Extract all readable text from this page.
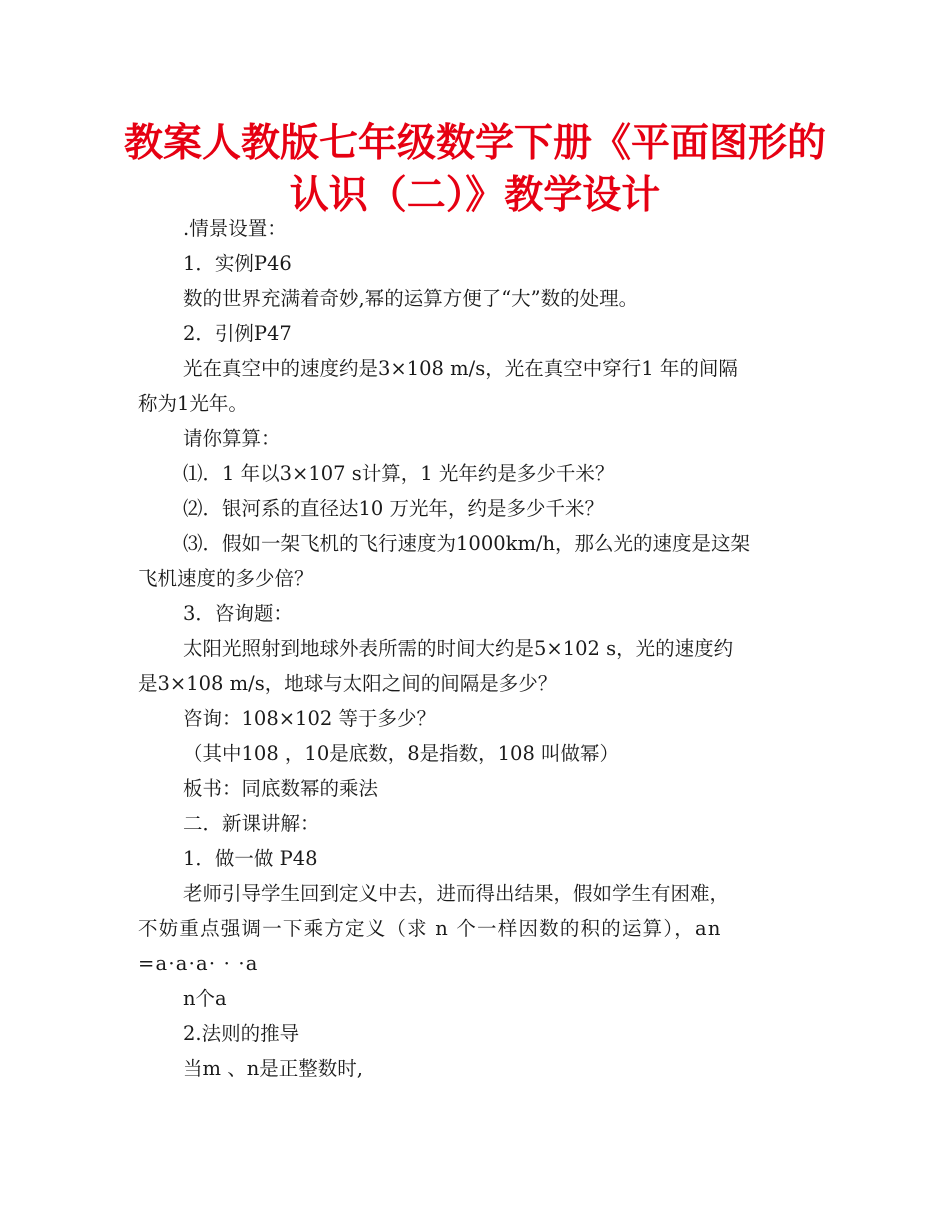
教案人教版七年级数学下册《平面图形的
认识（二）》教学设计

.情景设置：

1．实例P46

数的世界充满着奇妙,幂的运算方便了“大”数的处理。

2．引例P47

光在真空中的速度约是3×108 m/s，光在真空中穿行1 年的间隔

称为1光年。

请你算算：

⑴．1 年以3×107 s计算，1 光年约是多少千米？

⑵．银河系的直径达10 万光年，约是多少千米？

⑶．假如一架飞机的飞行速度为1000km/h，那么光的速度是这架

飞机速度的多少倍？

3．咨询题：

太阳光照射到地球外表所需的时间大约是5×102 s，光的速度约

是3×108 m/s，地球与太阳之间的间隔是多少？

咨询：108×102 等于多少？

（其中108 ，10是底数，8是指数，108 叫做幂）

板书：同底数幂的乘法

二．新课讲解：

1．做一做 P48

老师引导学生回到定义中去，进而得出结果，假如学生有困难，

不妨重点强调一下乘方定义（求 n 个一样因数的积的运算），an

=a·a·a· · ·a

n个a

2.法则的推导

当m 、n是正整数时,
